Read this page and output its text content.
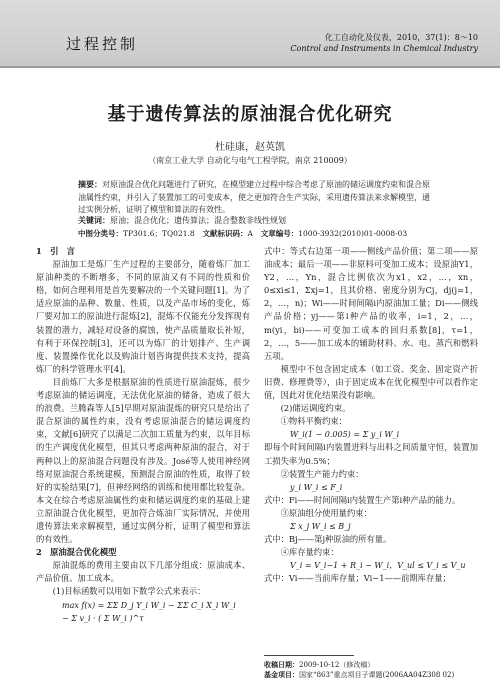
过程控制	化工自动化及仪表，2010，37(1)：8～10
Control and Instruments in Chemical Industry
基于遗传算法的原油混合优化研究
杜硅康，赵英凯
（南京工业大学 自动化与电气工程学院，南京 210009）
摘要：对原油混合优化问题进行了研究，在模型建立过程中综合考虑了原油的储运调度约束和混合原油属性约束，并引入了装置加工的可变成本，使之更加符合生产实际，采用遗传算法来求解模型，通过实例分析，证明了模型和算法的有效性。
关键词：原油；混合优化；遗传算法；混合整数非线性规划
中图分类号：TP301.6；TQ021.8 文献标识码：A 文章编号：1000-3932(2010)01-0008-03

1　引　言

原油加工是炼厂生产过程的主要部分，随着炼厂加工原油种类的不断增多，不同的原油又有不同的性质和价格，如何合理利用是首先要解决的一个关键问题[1]。为了适应原油的品种、数量、性质，以及产品市场的变化，炼厂要对加工的原油进行混炼[2]，混炼不仅能充分发挥现有装置的潜力，减轻对设备的腐蚀，使产品质量取长补短，有利于环保控制[3]，还可以为炼厂的计划排产、生产调度、装置操作优化以及购油计划咨询提供技术支持，提高炼厂的科学管理水平[4]。

目前炼厂大多是根据原油的性质进行原油混炼，很少考虑原油的储运调度，无法优化原油的储备，造成了很大的浪费。兰腾森等人[5]早期对原油混炼的研究只是给出了混合原油的属性约束，没有考虑原油混合的储运调度约束，文献[6]研究了以满足二次加工质量为约束，以年目标的生产调度优化模型，但其只考虑两种原油的混合，对于两种以上的原油混合问题没有涉及。José等人使用神经网络对原油混合系统建模，预测混合原油的性质，取得了较好的实验结果[7]，但神经网络的训练和使用都比较复杂。本文在综合考虑原油属性约束和储运调度约束的基础上建立原油混合优化模型，更加符合炼油厂实际情况，并使用遗传算法来求解模型，通过实例分析，证明了模型和算法的有效性。

2　原油混合优化模型

原油混炼的费用主要由以下几部分组成：原油成本、产品价值、加工成本。

(1)目标函数可以用如下数学公式来表示：

max f(x) = ΣΣ D_j Y_i W_i − ΣΣ C_i X_i W_i

− Σ v_i · ( Σ W_i )^τ

式中：等式右边第一项——侧线产品价值；第二项——原油成本；最后一项——非原料可变加工成本；设原油Y1，Y2，…，Yn，混合比例依次为x1，x2，…，xn，0≤xi≤1，Σxj=1，且其价格、密度分别为Cj，dj(j=1，2，…，n)；Wi——时间间隔i内原油加工量；Di——侧线产品价格；yj——第i种产品的收率，i=1，2，…，m(yi，bi)——可变加工成本的回归系数[8]，τ=1，2，…，5——加工成本的辅助材料、水、电、蒸汽和燃料五项。

模型中不包含固定成本（如工资、奖金、固定资产折旧费、修理费等），由于固定成本在优化模型中可以看作定值，因此对优化结果没有影响。

(2)储运调度约束。

①物料平衡约束：

W_i(1 − 0.005) = Σ y_i W_i

即每个时间间隔i内装置进料与出料之间质量守恒，装置加工损失率为0.5%；

②装置生产能力约束：

y_i W_i ≤ F_i

式中：Fi——时间间隔i内装置生产第i种产品的能力。

③原油组分使用量约束：

Σ x_j W_i ≤ B_j

式中：Bj——第j种原油的所有量。

④库存量约束：

V_i = V_i−1 + R_i − W_i，V_ul ≤ V_i ≤ V_u

式中：Vi——当前库存量；Vi−1——前期库存量；

收稿日期：2009-10-12（修改稿）
基金项目：国家“863”重点项目子课题(2006AA04Z308 02)
